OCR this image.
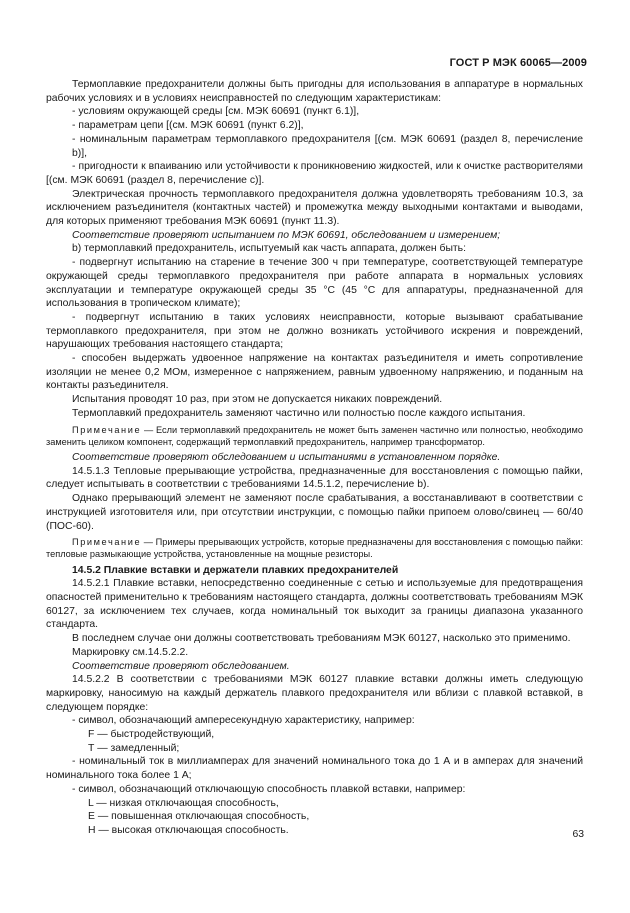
ГОСТ Р МЭК 60065—2009

Термоплавкие предохранители должны быть пригодны для использования в аппаратуре в нормальных рабочих условиях и в условиях неисправностей по следующим характеристикам:

- условиям окружающей среды [см. МЭК 60691 (пункт 6.1)],

- параметрам цепи [(см. МЭК 60691 (пункт 6.2)],

- номинальным параметрам термоплавкого предохранителя [(см. МЭК 60691 (раздел 8, перечисление b)],

- пригодности к впаиванию или устойчивости к проникновению жидкостей, или к очистке растворителями [(см. МЭК 60691 (раздел 8, перечисление с)].

Электрическая прочность термоплавкого предохранителя должна удовлетворять требованиям 10.3, за исключением разъединителя (контактных частей) и промежутка между выходными контактами и выводами, для которых применяют требования МЭК 60691 (пункт 11.3).

Соответствие проверяют испытанием по МЭК 60691, обследованием и измерением;

b) термоплавкий предохранитель, испытуемый как часть аппарата, должен быть:

- подвергнут испытанию на старение в течение 300 ч при температуре, соответствующей температуре окружающей среды термоплавкого предохранителя при работе аппарата в нормальных условиях эксплуатации и температуре окружающей среды 35 °С (45 °С для аппаратуры, предназначенной для использования в тропическом климате);

- подвергнут испытанию в таких условиях неисправности, которые вызывают срабатывание термоплавкого предохранителя, при этом не должно возникать устойчивого искрения и повреждений, нарушающих требования настоящего стандарта;

- способен выдержать удвоенное напряжение на контактах разъединителя и иметь сопротивление изоляции не менее 0,2 МОм, измеренное с напряжением, равным удвоенному напряжению, и поданным на контакты разъединителя.

Испытания проводят 10 раз, при этом не допускается никаких повреждений.

Термоплавкий предохранитель заменяют частично или полностью после каждого испытания.

Примечание — Если термоплавкий предохранитель не может быть заменен частично или полностью, необходимо заменить целиком компонент, содержащий термоплавкий предохранитель, например трансформатор.

Соответствие проверяют обследованием и испытаниями в установленном порядке.

14.5.1.3 Тепловые прерывающие устройства, предназначенные для восстановления с помощью пайки, следует испытывать в соответствии с требованиями 14.5.1.2, перечисление b).

Однако прерывающий элемент не заменяют после срабатывания, а восстанавливают в соответствии с инструкцией изготовителя или, при отсутствии инструкции, с помощью пайки припоем олово/свинец — 60/40 (ПОС-60).

Примечание — Примеры прерывающих устройств, которые предназначены для восстановления с помощью пайки: тепловые размыкающие устройства, установленные на мощные резисторы.

14.5.2 Плавкие вставки и держатели плавких предохранителей

14.5.2.1 Плавкие вставки, непосредственно соединенные с сетью и используемые для предотвращения опасностей применительно к требованиям настоящего стандарта, должны соответствовать требованиям МЭК 60127, за исключением тех случаев, когда номинальный ток выходит за границы диапазона указанного стандарта.

В последнем случае они должны соответствовать требованиям МЭК 60127, насколько это применимо.

Маркировку см.14.5.2.2.

Соответствие проверяют обследованием.

14.5.2.2 В соответствии с требованиями МЭК 60127 плавкие вставки должны иметь следующую маркировку, наносимую на каждый держатель плавкого предохранителя или вблизи с плавкой вставкой, в следующем порядке:

- символ, обозначающий ампересекундную характеристику, например:

F — быстродействующий,

Т — замедленный;

- номинальный ток в миллиамперах для значений номинального тока до 1 А и в амперах для значений номинального тока более 1 А;

- символ, обозначающий отключающую способность плавкой вставки, например:

L — низкая отключающая способность,

Е — повышенная отключающая способность,

Н — высокая отключающая способность.	63
